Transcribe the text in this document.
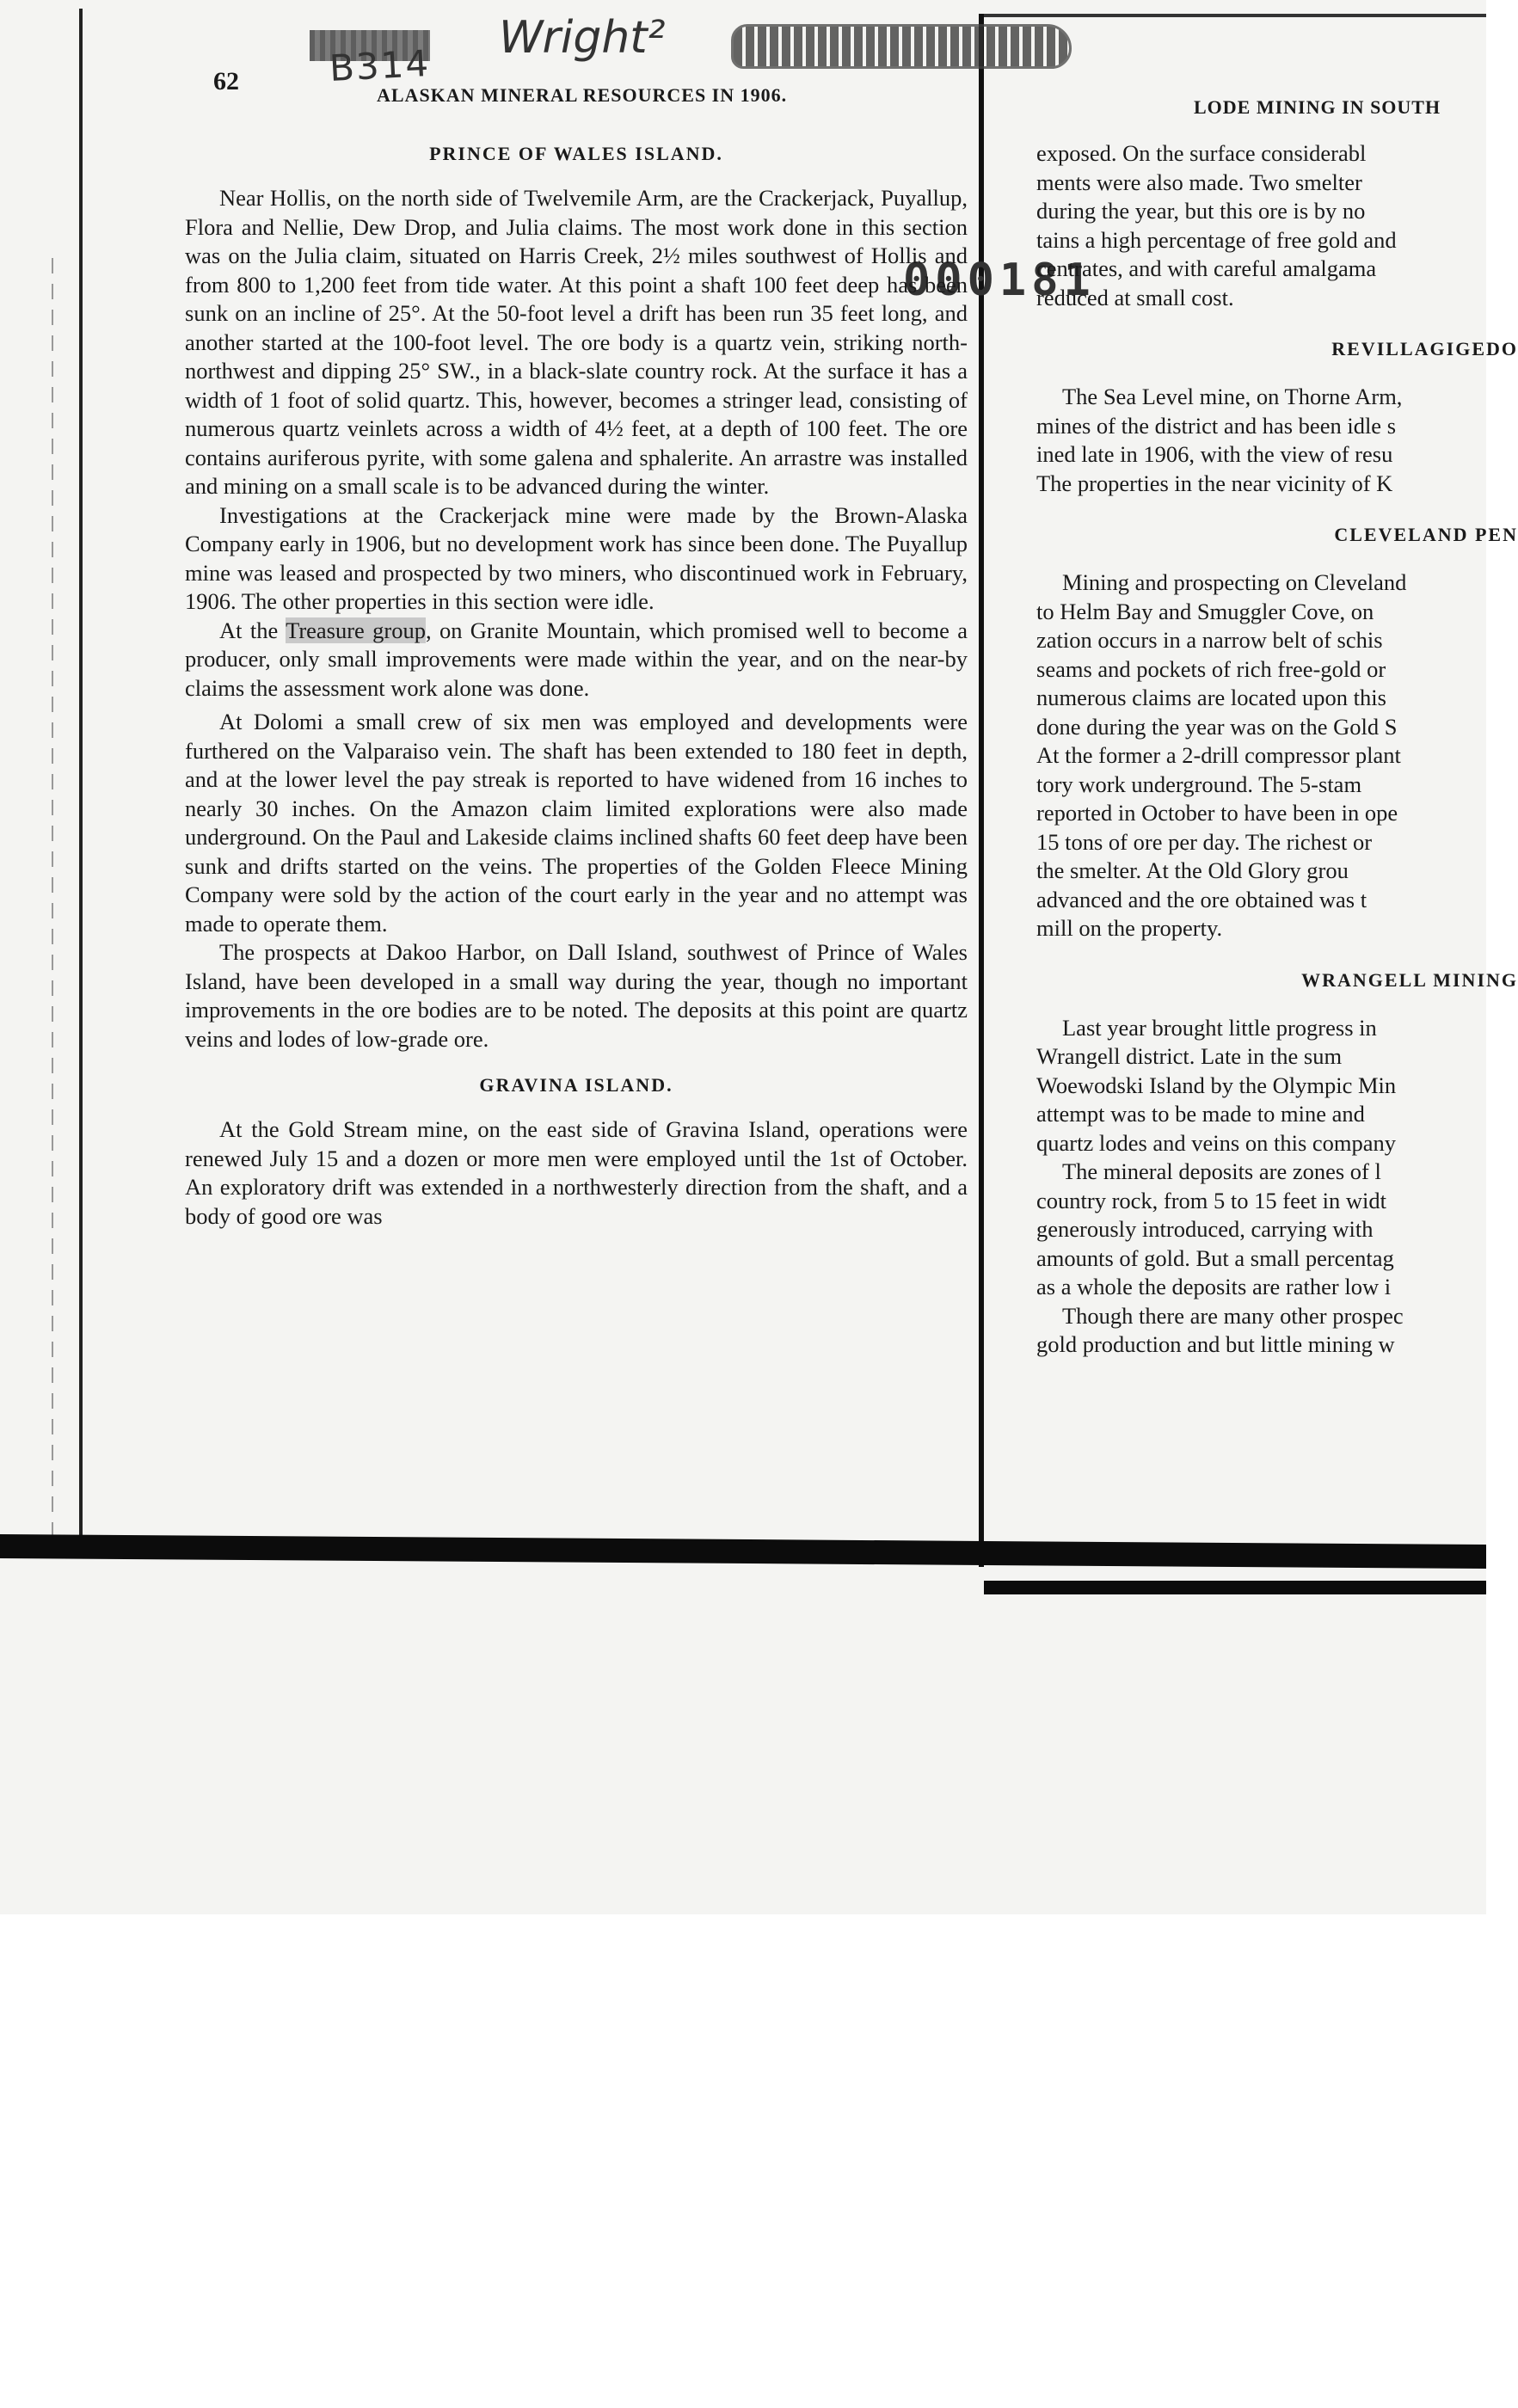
B314
Wright²
62	ALASKAN MINERAL RESOURCES IN 1906.
LODE MINING IN SOUTH
000181
PRINCE OF WALES ISLAND.

Near Hollis, on the north side of Twelvemile Arm, are the Crackerjack, Puyallup, Flora and Nellie, Dew Drop, and Julia claims. The most work done in this section was on the Julia claim, situated on Harris Creek, 2½ miles southwest of Hollis and from 800 to 1,200 feet from tide water. At this point a shaft 100 feet deep has been sunk on an incline of 25°. At the 50-foot level a drift has been run 35 feet long, and another started at the 100-foot level. The ore body is a quartz vein, striking north-northwest and dipping 25° SW., in a black-slate country rock. At the surface it has a width of 1 foot of solid quartz. This, however, becomes a stringer lead, consisting of numerous quartz veinlets across a width of 4½ feet, at a depth of 100 feet. The ore contains auriferous pyrite, with some galena and sphalerite. An arrastre was installed and mining on a small scale is to be advanced during the winter.

Investigations at the Crackerjack mine were made by the Brown-Alaska Company early in 1906, but no development work has since been done. The Puyallup mine was leased and prospected by two miners, who discontinued work in February, 1906. The other properties in this section were idle.

At the Treasure group, on Granite Mountain, which promised well to become a producer, only small improvements were made within the year, and on the near-by claims the assessment work alone was done.

At Dolomi a small crew of six men was employed and developments were furthered on the Valparaiso vein. The shaft has been extended to 180 feet in depth, and at the lower level the pay streak is reported to have widened from 16 inches to nearly 30 inches. On the Amazon claim limited explorations were also made underground. On the Paul and Lakeside claims inclined shafts 60 feet deep have been sunk and drifts started on the veins. The properties of the Golden Fleece Mining Company were sold by the action of the court early in the year and no attempt was made to operate them.

The prospects at Dakoo Harbor, on Dall Island, southwest of Prince of Wales Island, have been developed in a small way during the year, though no important improvements in the ore bodies are to be noted. The deposits at this point are quartz veins and lodes of low-grade ore.

GRAVINA ISLAND.

At the Gold Stream mine, on the east side of Gravina Island, operations were renewed July 15 and a dozen or more men were employed until the 1st of October. An exploratory drift was extended in a northwesterly direction from the shaft, and a body of good ore was

exposed. On the surface considerabl
ments were also made. Two smelter
during the year, but this ore is by no
tains a high percentage of free gold and
centrates, and with careful amalgama
reduced at small cost.
REVILLAGIGEDO
The Sea Level mine, on Thorne Arm,
mines of the district and has been idle s
ined late in 1906, with the view of resu
The properties in the near vicinity of K
CLEVELAND PEN
Mining and prospecting on Cleveland
to Helm Bay and Smuggler Cove, on
zation occurs in a narrow belt of schis
seams and pockets of rich free-gold or
numerous claims are located upon this
done during the year was on the Gold S
At the former a 2-drill compressor plant
tory work underground. The 5-stam
reported in October to have been in ope
15 tons of ore per day. The richest or
the smelter. At the Old Glory grou
advanced and the ore obtained was t
mill on the property.
WRANGELL MINING
Last year brought little progress in
Wrangell district. Late in the sum
Woewodski Island by the Olympic Min
attempt was to be made to mine and
quartz lodes and veins on this company
The mineral deposits are zones of l
country rock, from 5 to 15 feet in widt
generously introduced, carrying with
amounts of gold. But a small percentag
as a whole the deposits are rather low i
Though there are many other prospec
gold production and but little mining w
